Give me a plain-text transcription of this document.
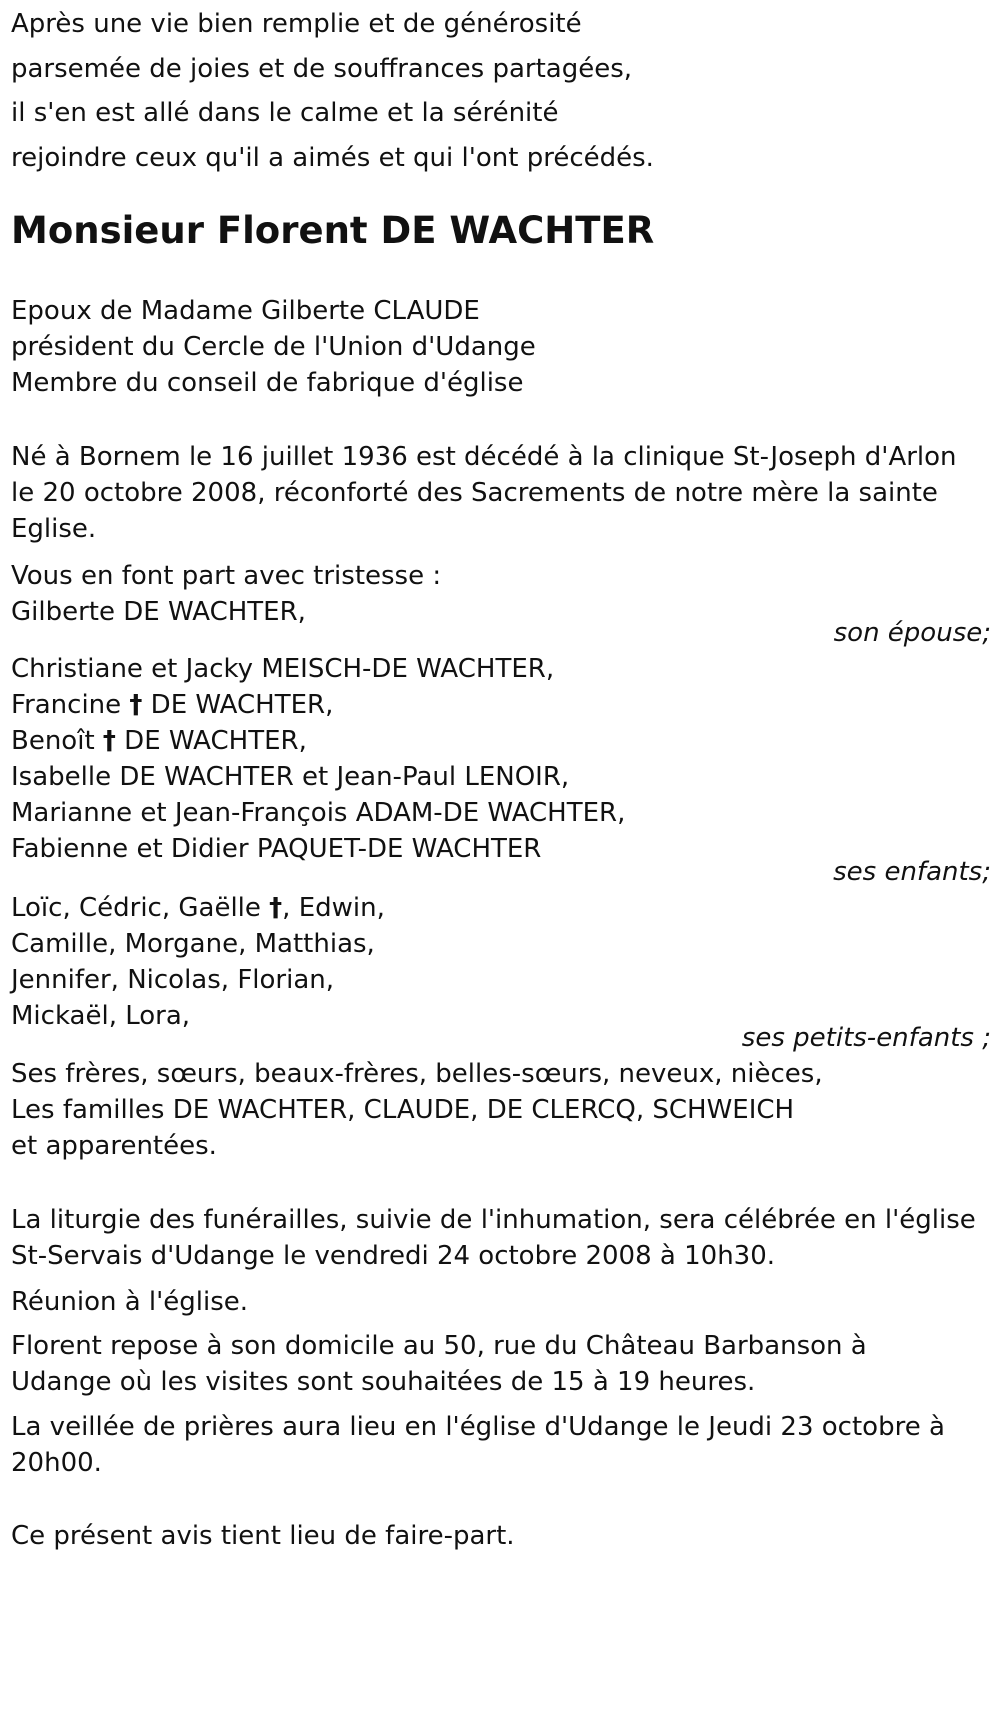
Après une vie bien remplie et de générosité
parsemée de joies et de souffrances partagées,
il s'en est allé dans le calme et la sérénité
rejoindre ceux qu'il a aimés et qui l'ont précédés.
Monsieur Florent DE WACHTER
Epoux de Madame Gilberte CLAUDE
président du Cercle de l'Union d'Udange
Membre du conseil de fabrique d'église
Né à Bornem le 16 juillet 1936 est décédé à la clinique St-Joseph d'Arlon
le 20 octobre 2008, réconforté des Sacrements de notre mère la sainte
Eglise.
Vous en font part avec tristesse :
Gilberte DE WACHTER,
son épouse;
Christiane et Jacky MEISCH-DE WACHTER,
Francine † DE WACHTER,
Benoît † DE WACHTER,
Isabelle DE WACHTER et Jean-Paul LENOIR,
Marianne et Jean-François ADAM-DE WACHTER,
Fabienne et Didier PAQUET-DE WACHTER
ses enfants;
Loïc, Cédric, Gaëlle †, Edwin,
Camille, Morgane, Matthias,
Jennifer, Nicolas, Florian,
Mickaël, Lora,
ses petits-enfants ;
Ses frères, sœurs, beaux-frères, belles-sœurs, neveux, nièces,
Les familles DE WACHTER, CLAUDE, DE CLERCQ, SCHWEICH
et apparentées.
La liturgie des funérailles, suivie de l'inhumation, sera célébrée en l'église
St-Servais d'Udange le vendredi 24 octobre 2008 à 10h30.
Réunion à l'église.
Florent repose à son domicile au 50, rue du Château Barbanson à
Udange où les visites sont souhaitées de 15 à 19 heures.
La veillée de prières aura lieu en l'église d'Udange le Jeudi 23 octobre à
20h00.
Ce présent avis tient lieu de faire-part.
